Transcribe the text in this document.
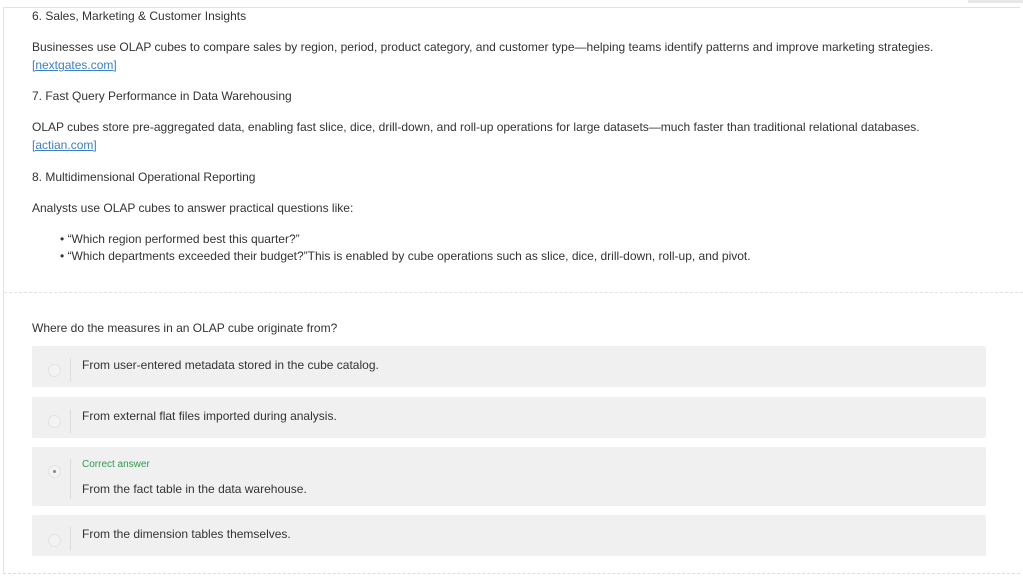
6. Sales, Marketing & Customer Insights
Businesses use OLAP cubes to compare sales by region, period, product category, and customer type—helping teams identify patterns and improve marketing strategies.
[nextgates.com]
7. Fast Query Performance in Data Warehousing
OLAP cubes store pre-aggregated data, enabling fast slice, dice, drill-down, and roll-up operations for large datasets—much faster than traditional relational databases.
[actian.com]
8. Multidimensional Operational Reporting
Analysts use OLAP cubes to answer practical questions like:
• “Which region performed best this quarter?”
• “Which departments exceeded their budget?”This is enabled by cube operations such as slice, dice, drill-down, roll-up, and pivot.
Where do the measures in an OLAP cube originate from?
From user-entered metadata stored in the cube catalog.
From external flat files imported during analysis.
Correct answer
From the fact table in the data warehouse.
From the dimension tables themselves.
